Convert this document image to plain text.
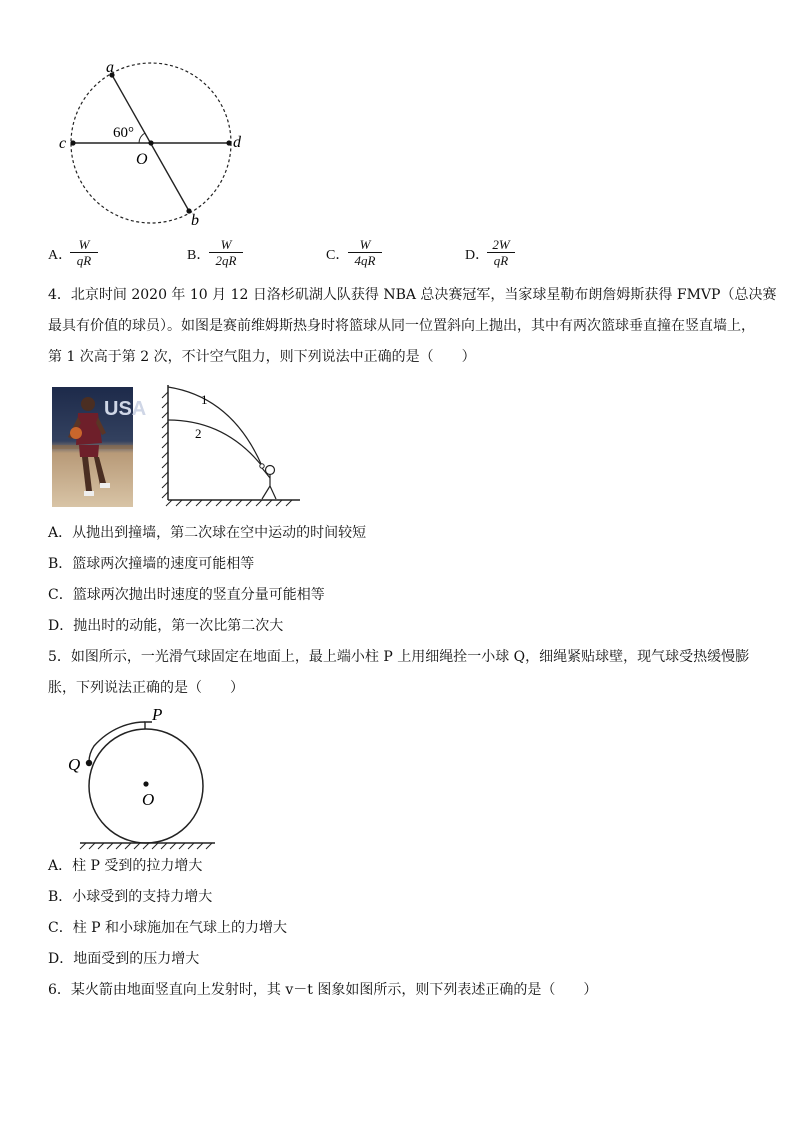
a
b
c	d
O
60°
A．
$\frac{W}{qR}$	B．
$\frac{W}{2qR}$	C．
$\frac{W}{4qR}$	D．
$\frac{2W}{qR}$
4．北京时间 2020 年 10 月 12 日洛杉矶湖人队获得 NBA 总决赛冠军，当家球星勒布朗詹姆斯获得 FMVP（总决赛
最具有价值的球员）。如图是赛前维姆斯热身时将篮球从同一位置斜向上抛出，其中有两次篮球垂直撞在竖直墙上，
第 1 次高于第 2 次，不计空气阻力，则下列说法中正确的是（　　）
USA	1
2
A．从抛出到撞墙，第二次球在空中运动的时间较短
B．篮球两次撞墙的速度可能相等
C．篮球两次抛出时速度的竖直分量可能相等
D．抛出时的动能，第一次比第二次大
5．如图所示，一光滑气球固定在地面上，最上端小柱 P 上用细绳拴一小球 Q，细绳紧贴球壁，现气球受热缓慢膨
胀，下列说法正确的是（　　）
P
Q
O
A．柱 P 受到的拉力增大
B．小球受到的支持力增大
C．柱 P 和小球施加在气球上的力增大
D．地面受到的压力增大
6．某火箭由地面竖直向上发射时，其 v－t 图象如图所示，则下列表述正确的是（　　）
